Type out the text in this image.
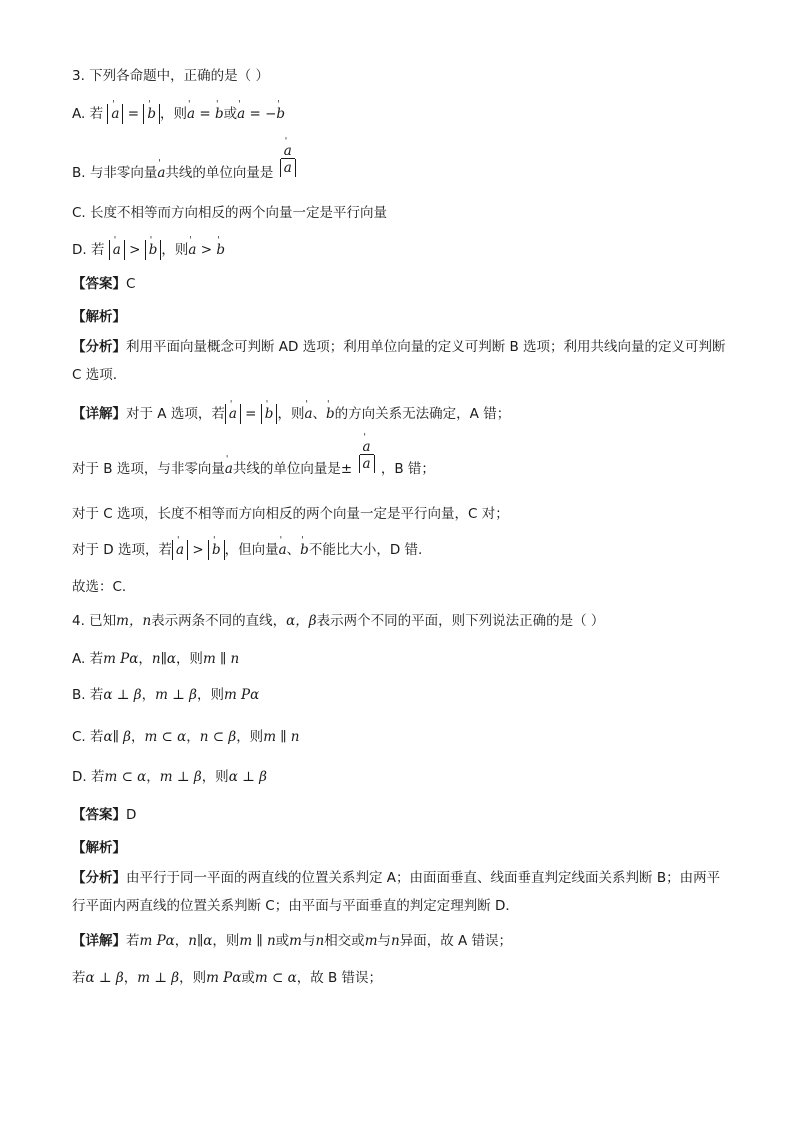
3. 下列各命题中，正确的是（ ）
A. 若 ' a = ' b ，则' a = ' b或' a = −' b
B. 与非零向量' a共线的单位向量是 ' $\frac{a}{a}$
C. 长度不相等而方向相反的两个向量一定是平行向量
D. 若 ' a > ' b ，则' a > ' b
【答案】C
【解析】
【分析】利用平面向量概念可判断 AD 选项；利用单位向量的定义可判断 B 选项；利用共线向量的定义可判断 C 选项.
【详解】对于 A 选项，若 ' a = ' b ，则' a、' b的方向关系无法确定，A 错；
对于 B 选项，与非零向量' a共线的单位向量是± ' $\frac{a}{a}$ ，B 错；
对于 C 选项，长度不相等而方向相反的两个向量一定是平行向量，C 对；
对于 D 选项，若 ' a > ' b ，但向量' a、' b不能比大小，D 错.
故选：C.
4. 已知m，n表示两条不同的直线，α，β表示两个不同的平面，则下列说法正确的是（ ）
A. 若m Pα，n∥α，则m ∥ n
B. 若α ⊥ β，m ⊥ β，则m Pα
C. 若α∥ β，m ⊂ α，n ⊂ β，则m ∥ n
D. 若m ⊂ α，m ⊥ β，则α ⊥ β
【答案】D
【解析】
【分析】由平行于同一平面的两直线的位置关系判定 A；由面面垂直、线面垂直判定线面关系判断 B；由两平行平面内两直线的位置关系判断 C；由平面与平面垂直的判定定理判断 D．
【详解】若m Pα，n∥α，则m ∥ n或m与n相交或m与n异面，故 A 错误；
若α ⊥ β，m ⊥ β，则m Pα或m ⊂ α，故 B 错误；
